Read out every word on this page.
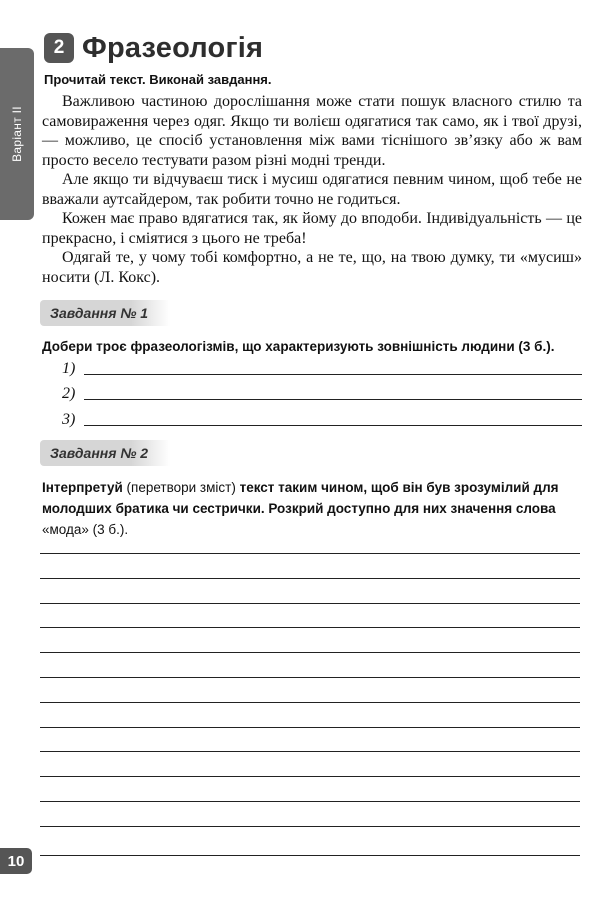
Варіант II
2 Фразеологія
Прочитай текст. Виконай завдання.

Важливою частиною дорослішання може стати пошук власного стилю та самовираження через одяг. Якщо ти волієш одягатися так само, як і твої друзі, — можливо, це спосіб установлення між вами тіснішого зв’язку або ж вам просто весело тестувати разом різні модні тренди.

Але якщо ти відчуваєш тиск і мусиш одягатися певним чином, щоб тебе не вважали аутсайдером, так робити точно не годиться.

Кожен має право вдягатися так, як йому до вподоби. Індивідуальність — це прекрасно, і сміятися з цього не треба!

Одягай те, у чому тобі комфортно, а не те, що, на твою думку, ти «мусиш» носити (Л. Кокс).

Завдання № 1

Добери троє фразеологізмів, що характеризують зовнішність людини (3 б.).

1)
2)
3)
Завдання № 2

Інтерпретуй (перетвори зміст) текст таким чином, щоб він був зрозумілий для молодших братика чи сестрички. Розкрий доступно для них значення слова «мода» (3 б.).

10
